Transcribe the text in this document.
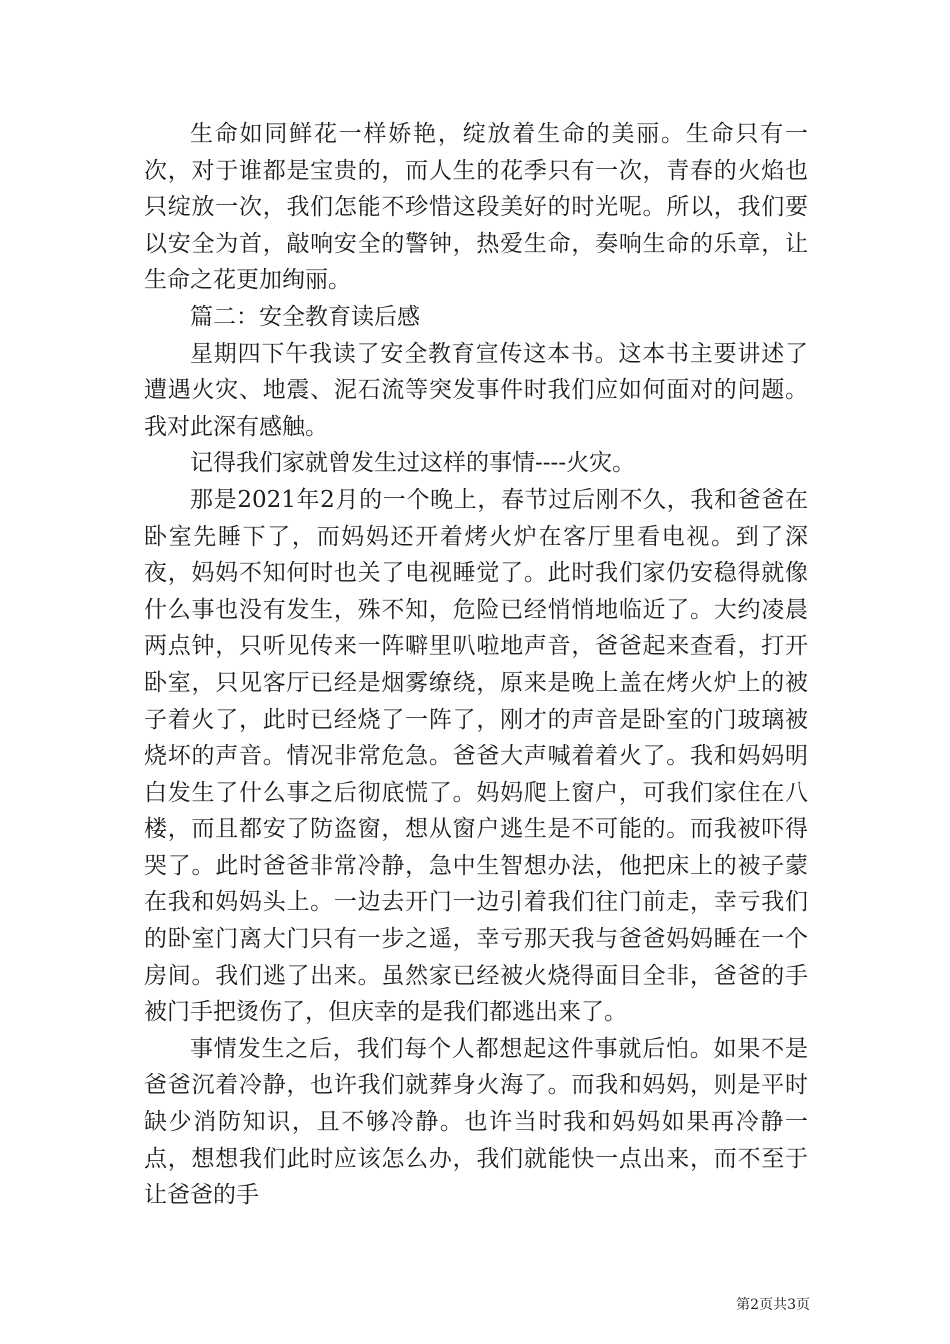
生命如同鲜花一样娇艳，绽放着生命的美丽。生命只有一次，对于谁都是宝贵的，而人生的花季只有一次，青春的火焰也只绽放一次，我们怎能不珍惜这段美好的时光呢。所以，我们要以安全为首，敲响安全的警钟，热爱生命，奏响生命的乐章，让生命之花更加绚丽。

篇二：安全教育读后感

星期四下午我读了安全教育宣传这本书。这本书主要讲述了遭遇火灾、地震、泥石流等突发事件时我们应如何面对的问题。我对此深有感触。

记得我们家就曾发生过这样的事情----火灾。

那是2021年2月的一个晚上，春节过后刚不久，我和爸爸在卧室先睡下了，而妈妈还开着烤火炉在客厅里看电视。到了深夜，妈妈不知何时也关了电视睡觉了。此时我们家仍安稳得就像什么事也没有发生，殊不知，危险已经悄悄地临近了。大约凌晨两点钟，只听见传来一阵噼里叭啦地声音，爸爸起来查看，打开卧室，只见客厅已经是烟雾缭绕，原来是晚上盖在烤火炉上的被子着火了，此时已经烧了一阵了，刚才的声音是卧室的门玻璃被烧坏的声音。情况非常危急。爸爸大声喊着着火了。我和妈妈明白发生了什么事之后彻底慌了。妈妈爬上窗户，可我们家住在八楼，而且都安了防盗窗，想从窗户逃生是不可能的。而我被吓得哭了。此时爸爸非常冷静，急中生智想办法，他把床上的被子蒙在我和妈妈头上。一边去开门一边引着我们往门前走，幸亏我们的卧室门离大门只有一步之遥，幸亏那天我与爸爸妈妈睡在一个房间。我们逃了出来。虽然家已经被火烧得面目全非，爸爸的手被门手把烫伤了，但庆幸的是我们都逃出来了。

事情发生之后，我们每个人都想起这件事就后怕。如果不是爸爸沉着冷静，也许我们就葬身火海了。而我和妈妈，则是平时缺少消防知识，且不够冷静。也许当时我和妈妈如果再冷静一点，想想我们此时应该怎么办，我们就能快一点出来，而不至于让爸爸的手

第2页共3页
